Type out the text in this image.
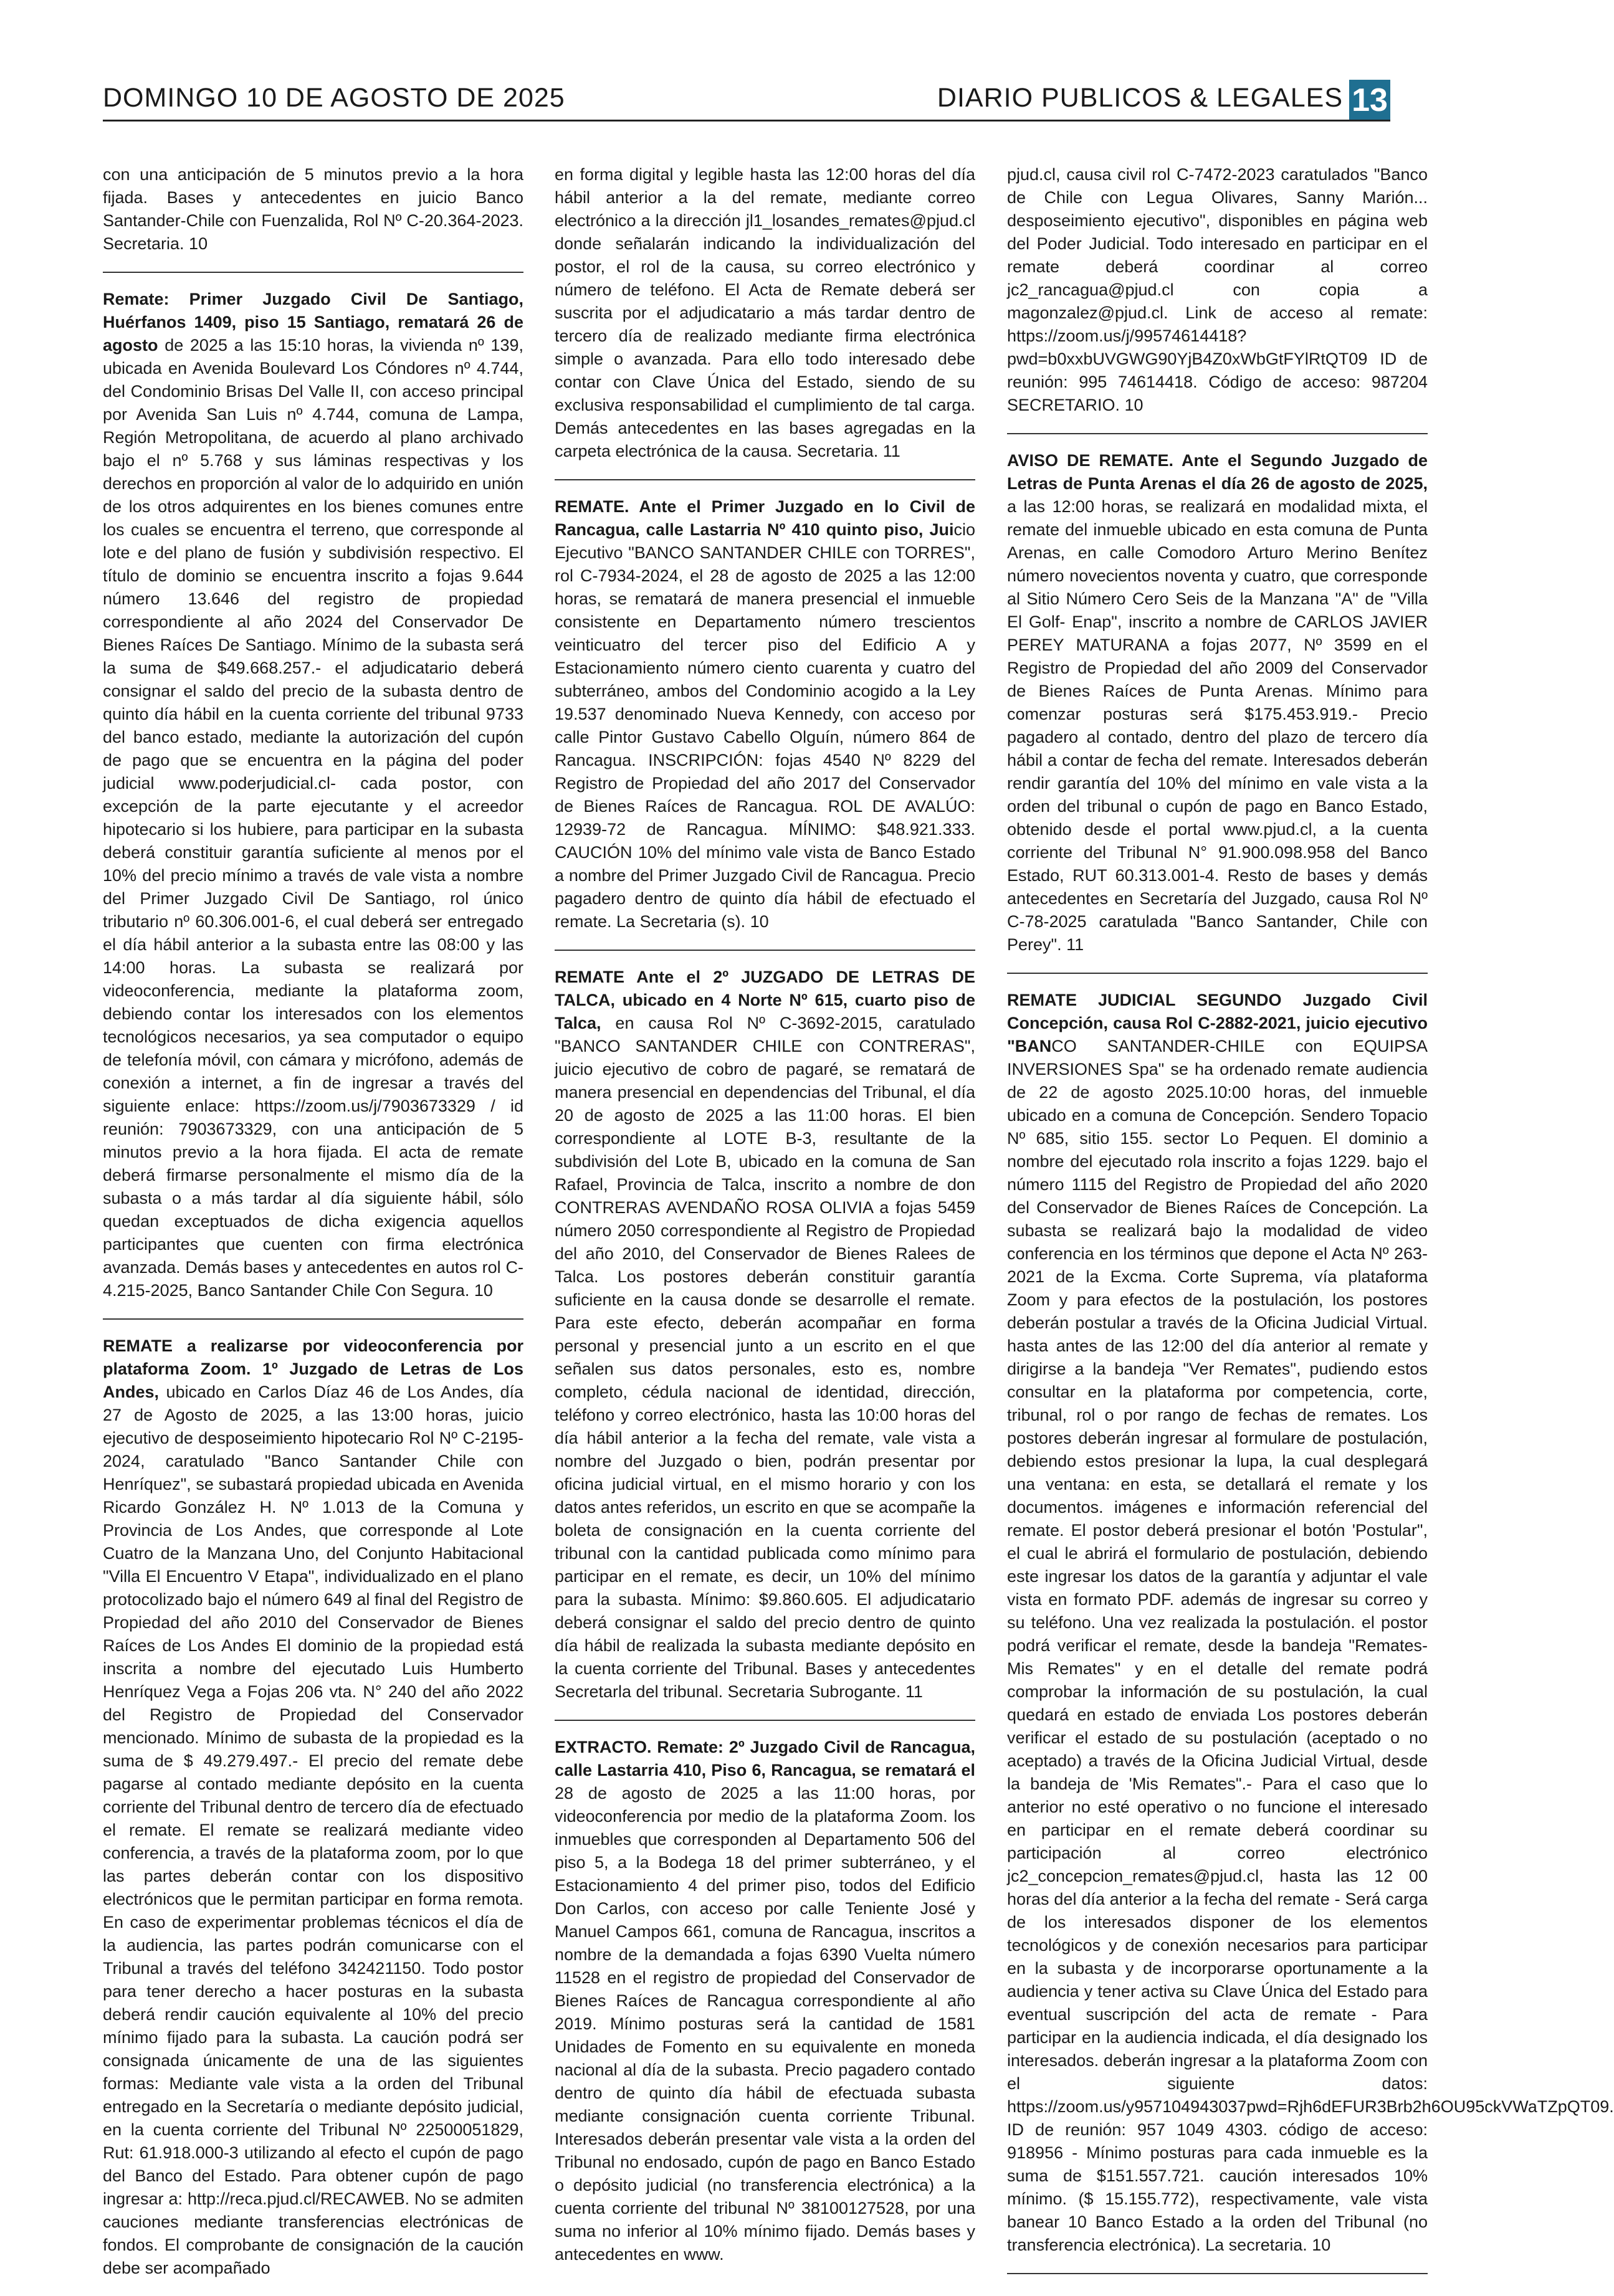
DOMINGO 10 DE AGOSTO DE 2025	DIARIO PUBLICOS & LEGALES 13
con una anticipación de 5 minutos previo a la hora fijada. Bases y antecedentes en juicio Banco Santander-Chile con Fuenzalida, Rol Nº C-20.364-2023. Secretaria. 10
Remate: Primer Juzgado Civil De Santiago, Huérfanos 1409, piso 15 Santiago, rematará 26 de agosto de 2025 a las 15:10 horas, la vivienda nº 139, ubicada en Avenida Boulevard Los Cóndores nº 4.744, del Condominio Brisas Del Valle II, con acceso principal por Avenida San Luis nº 4.744, comuna de Lampa, Región Metropolitana, de acuerdo al plano archivado bajo el nº 5.768 y sus láminas respectivas y los derechos en proporción al valor de lo adquirido en unión de los otros adquirentes en los bienes comunes entre los cuales se encuentra el terreno, que corresponde al lote e del plano de fusión y subdivisión respectivo. El título de dominio se encuentra inscrito a fojas 9.644 número 13.646 del registro de propiedad correspondiente al año 2024 del Conservador De Bienes Raíces De Santiago. Mínimo de la subasta será la suma de $49.668.257.- el adjudicatario deberá consignar el saldo del precio de la subasta dentro de quinto día hábil en la cuenta corriente del tribunal 9733 del banco estado, mediante la autorización del cupón de pago que se encuentra en la página del poder judicial www.poderjudicial.cl- cada postor, con excepción de la parte ejecutante y el acreedor hipotecario si los hubiere, para participar en la subasta deberá constituir garantía suficiente al menos por el 10% del precio mínimo a través de vale vista a nombre del Primer Juzgado Civil De Santiago, rol único tributario nº 60.306.001-6, el cual deberá ser entregado el día hábil anterior a la subasta entre las 08:00 y las 14:00 horas. La subasta se realizará por videoconferencia, mediante la plataforma zoom, debiendo contar los interesados con los elementos tecnológicos necesarios, ya sea computador o equipo de telefonía móvil, con cámara y micrófono, además de conexión a internet, a fin de ingresar a través del siguiente enlace: https://zoom.us/j/7903673329 / id reunión: 7903673329, con una anticipación de 5 minutos previo a la hora fijada. El acta de remate deberá firmarse personalmente el mismo día de la subasta o a más tardar al día siguiente hábil, sólo quedan exceptuados de dicha exigencia aquellos participantes que cuenten con firma electrónica avanzada. Demás bases y antecedentes en autos rol C-4.215-2025, Banco Santander Chile Con Segura. 10
REMATE a realizarse por videoconferencia por plataforma Zoom. 1º Juzgado de Letras de Los Andes, ubicado en Carlos Díaz 46 de Los Andes, día 27 de Agosto de 2025, a las 13:00 horas, juicio ejecutivo de desposeimiento hipotecario Rol Nº C-2195-2024, caratulado "Banco Santander Chile con Henríquez", se subastará propiedad ubicada en Avenida Ricardo González H. Nº 1.013 de la Comuna y Provincia de Los Andes, que corresponde al Lote Cuatro de la Manzana Uno, del Conjunto Habitacional "Villa El Encuentro V Etapa", individualizado en el plano protocolizado bajo el número 649 al final del Registro de Propiedad del año 2010 del Conservador de Bienes Raíces de Los Andes El dominio de la propiedad está inscrita a nombre del ejecutado Luis Humberto Henríquez Vega a Fojas 206 vta. N° 240 del año 2022 del Registro de Propiedad del Conservador mencionado. Mínimo de subasta de la propiedad es la suma de $ 49.279.497.- El precio del remate debe pagarse al contado mediante depósito en la cuenta corriente del Tribunal dentro de tercero día de efectuado el remate. El remate se realizará mediante video conferencia, a través de la plataforma zoom, por lo que las partes deberán contar con los dispositivo electrónicos que le permitan participar en forma remota. En caso de experimentar problemas técnicos el día de la audiencia, las partes podrán comunicarse con el Tribunal a través del teléfono 342421150. Todo postor para tener derecho a hacer posturas en la subasta deberá rendir caución equivalente al 10% del precio mínimo fijado para la subasta. La caución podrá ser consignada únicamente de una de las siguientes formas: Mediante vale vista a la orden del Tribunal entregado en la Secretaría o mediante depósito judicial, en la cuenta corriente del Tribunal Nº 22500051829, Rut: 61.918.000-3 utilizando al efecto el cupón de pago del Banco del Estado. Para obtener cupón de pago ingresar a: http://reca.pjud.cl/RECAWEB. No se admiten cauciones mediante transferencias electrónicas de fondos. El comprobante de consignación de la caución debe ser acompañado
en forma digital y legible hasta las 12:00 horas del día hábil anterior a la del remate, mediante correo electrónico a la dirección jl1_losandes_remates@pjud.cl donde señalarán indicando la individualización del postor, el rol de la causa, su correo electrónico y número de teléfono. El Acta de Remate deberá ser suscrita por el adjudicatario a más tardar dentro de tercero día de realizado mediante firma electrónica simple o avanzada. Para ello todo interesado debe contar con Clave Única del Estado, siendo de su exclusiva responsabilidad el cumplimiento de tal carga. Demás antecedentes en las bases agregadas en la carpeta electrónica de la causa. Secretaria. 11
REMATE. Ante el Primer Juzgado en lo Civil de Rancagua, calle Lastarria Nº 410 quinto piso, Juicio Ejecutivo "BANCO SANTANDER CHILE con TORRES", rol C-7934-2024, el 28 de agosto de 2025 a las 12:00 horas, se rematará de manera presencial el inmueble consistente en Departamento número trescientos veinticuatro del tercer piso del Edificio A y Estacionamiento número ciento cuarenta y cuatro del subterráneo, ambos del Condominio acogido a la Ley 19.537 denominado Nueva Kennedy, con acceso por calle Pintor Gustavo Cabello Olguín, número 864 de Rancagua. INSCRIPCIÓN: fojas 4540 Nº 8229 del Registro de Propiedad del año 2017 del Conservador de Bienes Raíces de Rancagua. ROL DE AVALÚO: 12939-72 de Rancagua. MÍNIMO: $48.921.333. CAUCIÓN 10% del mínimo vale vista de Banco Estado a nombre del Primer Juzgado Civil de Rancagua. Precio pagadero dentro de quinto día hábil de efectuado el remate. La Secretaria (s). 10
REMATE Ante el 2º JUZGADO DE LETRAS DE TALCA, ubicado en 4 Norte Nº 615, cuarto piso de Talca, en causa Rol Nº C-3692-2015, caratulado "BANCO SANTANDER CHILE con CONTRERAS", juicio ejecutivo de cobro de pagaré, se rematará de manera presencial en dependencias del Tribunal, el día 20 de agosto de 2025 a las 11:00 horas. El bien correspondiente al LOTE B-3, resultante de la subdivisión del Lote B, ubicado en la comuna de San Rafael, Provincia de Talca, inscrito a nombre de don CONTRERAS AVENDAÑO ROSA OLIVIA a fojas 5459 número 2050 correspondiente al Registro de Propiedad del año 2010, del Conservador de Bienes Ralees de Talca. Los postores deberán constituir garantía suficiente en la causa donde se desarrolle el remate. Para este efecto, deberán acompañar en forma personal y presencial junto a un escrito en el que señalen sus datos personales, esto es, nombre completo, cédula nacional de identidad, dirección, teléfono y correo electrónico, hasta las 10:00 horas del día hábil anterior a la fecha del remate, vale vista a nombre del Juzgado o bien, podrán presentar por oficina judicial virtual, en el mismo horario y con los datos antes referidos, un escrito en que se acompañe la boleta de consignación en la cuenta corriente del tribunal con la cantidad publicada como mínimo para participar en el remate, es decir, un 10% del mínimo para la subasta. Mínimo: $9.860.605. El adjudicatario deberá consignar el saldo del precio dentro de quinto día hábil de realizada la subasta mediante depósito en la cuenta corriente del Tribunal. Bases y antecedentes Secretarla del tribunal. Secretaria Subrogante. 11
EXTRACTO. Remate: 2º Juzgado Civil de Rancagua, calle Lastarria 410, Piso 6, Rancagua, se rematará el 28 de agosto de 2025 a las 11:00 horas, por videoconferencia por medio de la plataforma Zoom. los inmuebles que corresponden al Departamento 506 del piso 5, a la Bodega 18 del primer subterráneo, y el Estacionamiento 4 del primer piso, todos del Edificio Don Carlos, con acceso por calle Teniente José y Manuel Campos 661, comuna de Rancagua, inscritos a nombre de la demandada a fojas 6390 Vuelta número 11528 en el registro de propiedad del Conservador de Bienes Raíces de Rancagua correspondiente al año 2019. Mínimo posturas será la cantidad de 1581 Unidades de Fomento en su equivalente en moneda nacional al día de la subasta. Precio pagadero contado dentro de quinto día hábil de efectuada subasta mediante consignación cuenta corriente Tribunal. Interesados deberán presentar vale vista a la orden del Tribunal no endosado, cupón de pago en Banco Estado o depósito judicial (no transferencia electrónica) a la cuenta corriente del tribunal Nº 38100127528, por una suma no inferior al 10% mínimo fijado. Demás bases y antecedentes en www.
pjud.cl, causa civil rol C-7472-2023 caratulados "Banco de Chile con Legua Olivares, Sanny Marión... desposeimiento ejecutivo", disponibles en página web del Poder Judicial. Todo interesado en participar en el remate deberá coordinar al correo jc2_rancagua@pjud.cl con copia a magonzalez@pjud.cl. Link de acceso al remate: https://zoom.us/j/99574614418?pwd=b0xxbUVGWG90YjB4Z0xWbGtFYlRtQT09 ID de reunión: 995 74614418. Código de acceso: 987204 SECRETARIO. 10
AVISO DE REMATE. Ante el Segundo Juzgado de Letras de Punta Arenas el día 26 de agosto de 2025, a las 12:00 horas, se realizará en modalidad mixta, el remate del inmueble ubicado en esta comuna de Punta Arenas, en calle Comodoro Arturo Merino Benítez número novecientos noventa y cuatro, que corresponde al Sitio Número Cero Seis de la Manzana "A" de "Villa El Golf- Enap", inscrito a nombre de CARLOS JAVIER PEREY MATURANA a fojas 2077, Nº 3599 en el Registro de Propiedad del año 2009 del Conservador de Bienes Raíces de Punta Arenas. Mínimo para comenzar posturas será $175.453.919.- Precio pagadero al contado, dentro del plazo de tercero día hábil a contar de fecha del remate. Interesados deberán rendir garantía del 10% del mínimo en vale vista a la orden del tribunal o cupón de pago en Banco Estado, obtenido desde el portal www.pjud.cl, a la cuenta corriente del Tribunal N° 91.900.098.958 del Banco Estado, RUT 60.313.001-4. Resto de bases y demás antecedentes en Secretaría del Juzgado, causa Rol Nº C-78-2025 caratulada "Banco Santander, Chile con Perey". 11
REMATE JUDICIAL SEGUNDO Juzgado Civil Concepción, causa Rol C-2882-2021, juicio ejecutivo "BANCO SANTANDER-CHILE con EQUIPSA INVERSIONES Spa" se ha ordenado remate audiencia de 22 de agosto 2025.10:00 horas, del inmueble ubicado en a comuna de Concepción. Sendero Topacio Nº 685, sitio 155. sector Lo Pequen. El dominio a nombre del ejecutado rola inscrito a fojas 1229. bajo el número 1115 del Registro de Propiedad del año 2020 del Conservador de Bienes Raíces de Concepción. La subasta se realizará bajo la modalidad de video conferencia en los términos que depone el Acta Nº 263-2021 de la Excma. Corte Suprema, vía plataforma Zoom y para efectos de la postulación, los postores deberán postular a través de la Oficina Judicial Virtual. hasta antes de las 12:00 del día anterior al remate y dirigirse a la bandeja "Ver Remates", pudiendo estos consultar en la plataforma por competencia, corte, tribunal, rol o por rango de fechas de remates. Los postores deberán ingresar al formulare de postulación, debiendo estos presionar la lupa, la cual desplegará una ventana: en esta, se detallará el remate y los documentos. imágenes e información referencial del remate. El postor deberá presionar el botón 'Postular", el cual le abrirá el formulario de postulación, debiendo este ingresar los datos de la garantía y adjuntar el vale vista en formato PDF. además de ingresar su correo y su teléfono. Una vez realizada la postulación. el postor podrá verificar el remate, desde la bandeja "Remates- Mis Remates" y en el detalle del remate podrá comprobar la información de su postulación, la cual quedará en estado de enviada Los postores deberán verificar el estado de su postulación (aceptado o no aceptado) a través de la Oficina Judicial Virtual, desde la bandeja de 'Mis Remates".- Para el caso que lo anterior no esté operativo o no funcione el interesado en participar en el remate deberá coordinar su participación al correo electrónico jc2_concepcion_remates@pjud.cl, hasta las 12 00 horas del día anterior a la fecha del remate - Será carga de los interesados disponer de los elementos tecnológicos y de conexión necesarios para participar en la subasta y de incorporarse oportunamente a la audiencia y tener activa su Clave Única del Estado para eventual suscripción del acta de remate - Para participar en la audiencia indicada, el día designado los interesados. deberán ingresar a la plataforma Zoom con el siguiente datos: https://zoom.us/y957104943037pwd=Rjh6dEFUR3Brb2h6OU95ckVWaTZpQT09. ID de reunión: 957 1049 4303. código de acceso: 918956 - Mínimo posturas para cada inmueble es la suma de $151.557.721. caución interesados 10% mínimo. ($ 15.155.772), respectivamente, vale vista banear 10 Banco Estado a la orden del Tribunal (no transferencia electrónica). La secretaria. 10
